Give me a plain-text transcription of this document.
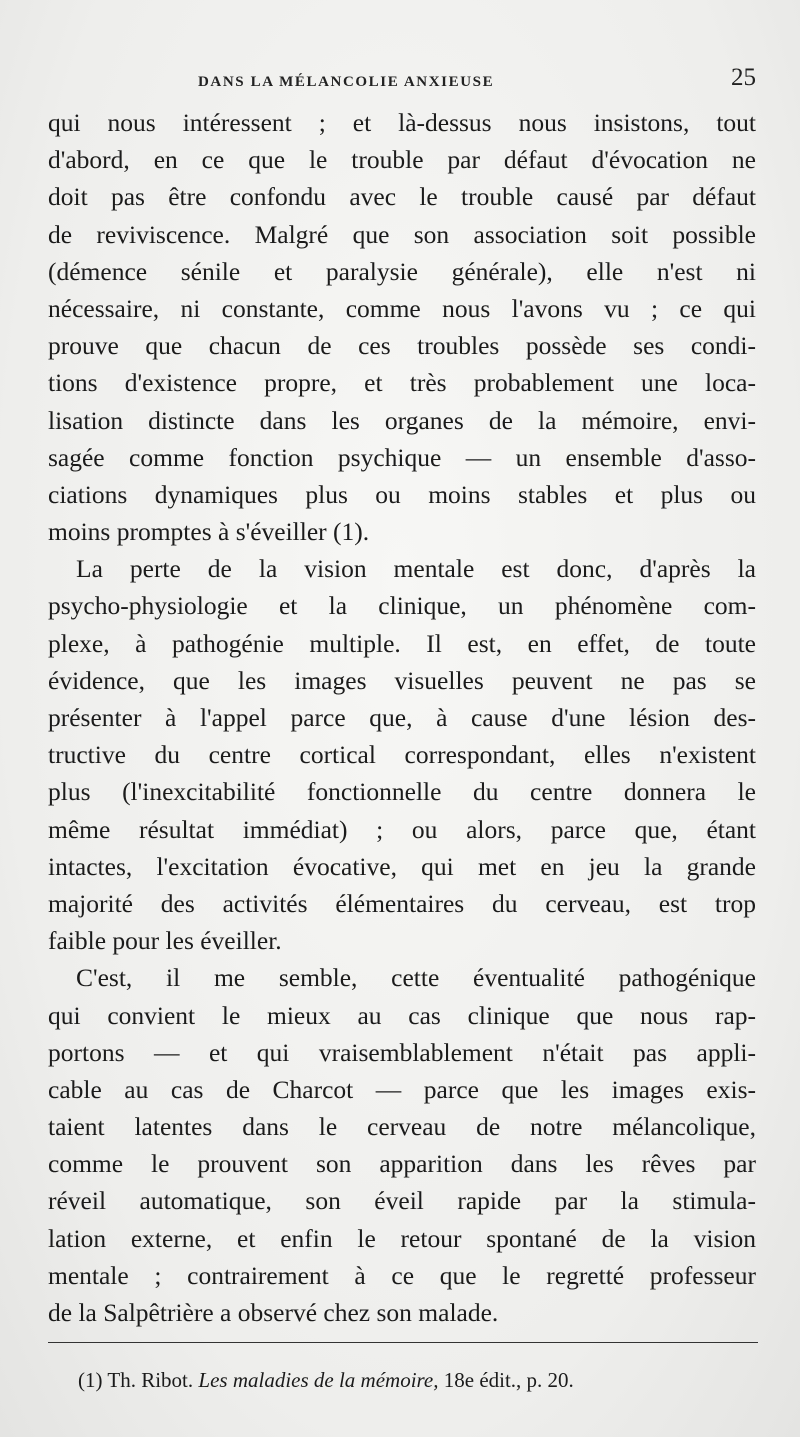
DANS LA MÉLANCOLIE ANXIEUSE	25
qui nous intéressent ; et là-dessus nous insistons, tout
d'abord, en ce que le trouble par défaut d'évocation ne
doit pas être confondu avec le trouble causé par défaut
de reviviscence. Malgré que son association soit possible
(démence sénile et paralysie générale), elle n'est ni
nécessaire, ni constante, comme nous l'avons vu ; ce qui
prouve que chacun de ces troubles possède ses condi-
tions d'existence propre, et très probablement une loca-
lisation distincte dans les organes de la mémoire, envi-
sagée comme fonction psychique — un ensemble d'asso-
ciations dynamiques plus ou moins stables et plus ou
moins promptes à s'éveiller (1).
La perte de la vision mentale est donc, d'après la
psycho-physiologie et la clinique, un phénomène com-
plexe, à pathogénie multiple. Il est, en effet, de toute
évidence, que les images visuelles peuvent ne pas se
présenter à l'appel parce que, à cause d'une lésion des-
tructive du centre cortical correspondant, elles n'existent
plus (l'inexcitabilité fonctionnelle du centre donnera le
même résultat immédiat) ; ou alors, parce que, étant
intactes, l'excitation évocative, qui met en jeu la grande
majorité des activités élémentaires du cerveau, est trop
faible pour les éveiller.
C'est, il me semble, cette éventualité pathogénique
qui convient le mieux au cas clinique que nous rap-
portons — et qui vraisemblablement n'était pas appli-
cable au cas de Charcot — parce que les images exis-
taient latentes dans le cerveau de notre mélancolique,
comme le prouvent son apparition dans les rêves par
réveil automatique, son éveil rapide par la stimula-
lation externe, et enfin le retour spontané de la vision
mentale ; contrairement à ce que le regretté professeur
de la Salpêtrière a observé chez son malade.
(1) Th. Ribot. Les maladies de la mémoire, 18e édit., p. 20.
